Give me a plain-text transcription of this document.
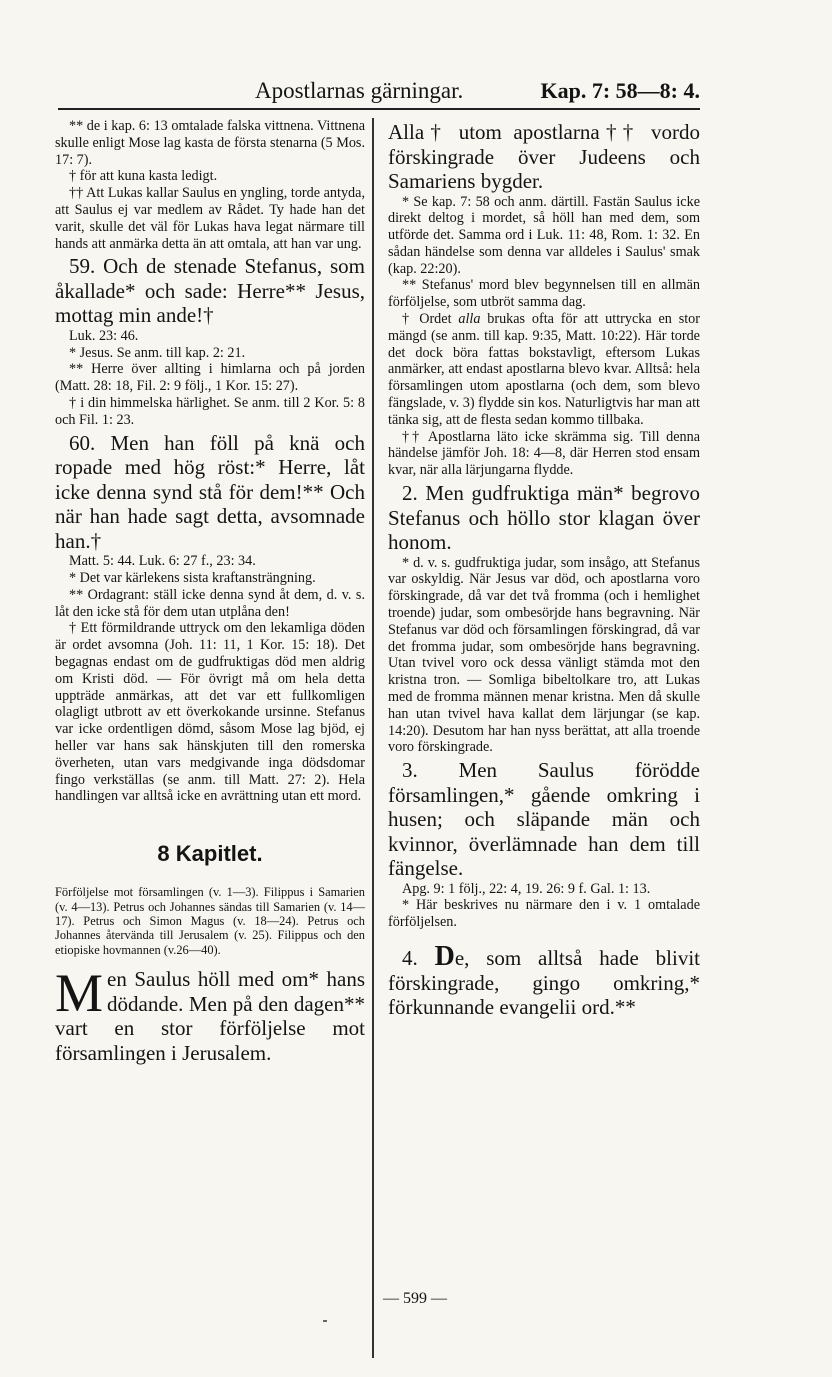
Apostlarnas gärningar.	Kap. 7: 58—8: 4.

** de i kap. 6: 13 omtalade falska vittnena. Vittnena skulle enligt Mose lag kasta de första stenarna (5 Mos. 17: 7).

† för att kuna kasta ledigt.

†† Att Lukas kallar Saulus en yngling, torde antyda, att Saulus ej var medlem av Rådet. Ty hade han det varit, skulle det väl för Lukas hava legat närmare till hands att anmärka detta än att omtala, att han var ung.

59. Och de stenade Stefanus, som åkallade* och sade: Herre** Jesus, mottag min ande!†

Luk. 23: 46.

* Jesus. Se anm. till kap. 2: 21.

** Herre över allting i himlarna och på jorden (Matt. 28: 18, Fil. 2: 9 följ., 1 Kor. 15: 27).

† i din himmelska härlighet. Se anm. till 2 Kor. 5: 8 och Fil. 1: 23.

60. Men han föll på knä och ropade med hög röst:* Herre, låt icke denna synd stå för dem!** Och när han hade sagt detta, avsomnade han.†

Matt. 5: 44. Luk. 6: 27 f., 23: 34.

* Det var kärlekens sista kraftansträngning.

** Ordagrant: ställ icke denna synd åt dem, d. v. s. låt den icke stå för dem utan utplåna den!

† Ett förmildrande uttryck om den lekamliga döden är ordet avsomna (Joh. 11: 11, 1 Kor. 15: 18). Det begagnas endast om de gudfruktigas död men aldrig om Kristi död. — För övrigt må om hela detta uppträde anmärkas, att det var ett fullkomligen olagligt utbrott av ett överkokande ursinne. Stefanus var icke ordentligen dömd, såsom Mose lag bjöd, ej heller var hans sak hänskjuten till den romerska överheten, utan vars medgivande inga dödsdomar fingo verkställas (se anm. till Matt. 27: 2). Hela handlingen var alltså icke en avrättning utan ett mord.

8 Kapitlet.

Förföljelse mot församlingen (v. 1—3). Filippus i Samarien (v. 4—13). Petrus och Johannes sändas till Samarien (v. 14—17). Petrus och Simon Magus (v. 18—24). Petrus och Johannes återvända till Jerusalem (v. 25). Filippus och den etiopiske hovmannen (v.26—40).

Men Saulus höll med om* hans dödande. Men på den dagen** vart en stor förföljelse mot församlingen i Jerusalem.

Alla† utom apostlarna†† vordo förskingrade över Judeens och Samariens bygder.

* Se kap. 7: 58 och anm. därtill. Fastän Saulus icke direkt deltog i mordet, så höll han med dem, som utförde det. Samma ord i Luk. 11: 48, Rom. 1: 32. En sådan händelse som denna var alldeles i Saulus' smak (kap. 22:20).

** Stefanus' mord blev begynnelsen till en allmän förföljelse, som utbröt samma dag.

† Ordet alla brukas ofta för att uttrycka en stor mängd (se anm. till kap. 9:35, Matt. 10:22). Här torde det dock böra fattas bokstavligt, eftersom Lukas anmärker, att endast apostlarna blevo kvar. Alltså: hela församlingen utom apostlarna (och dem, som blevo fängslade, v. 3) flydde sin kos. Naturligtvis har man att tänka sig, att de flesta sedan kommo tillbaka.

†† Apostlarna läto icke skrämma sig. Till denna händelse jämför Joh. 18: 4—8, där Herren stod ensam kvar, när alla lärjungarna flydde.

2. Men gudfruktiga män* begrovo Stefanus och höllo stor klagan över honom.

* d. v. s. gudfruktiga judar, som insågo, att Stefanus var oskyldig. När Jesus var död, och apostlarna voro förskingrade, då var det två fromma (och i hemlighet troende) judar, som ombesörjde hans begravning. När Stefanus var död och församlingen förskingrad, då var det fromma judar, som ombesörjde hans begravning. Utan tvivel voro ock dessa vänligt stämda mot den kristna tron. — Somliga bibeltolkare tro, att Lukas med de fromma männen menar kristna. Men då skulle han utan tvivel hava kallat dem lärjungar (se kap. 14:20). Desutom har han nyss berättat, att alla troende voro förskingrade.

3. Men Saulus förödde församlingen,* gående omkring i husen; och släpande män och kvinnor, överlämnade han dem till fängelse.

Apg. 9: 1 följ., 22: 4, 19. 26: 9 f. Gal. 1: 13.

* Här beskrives nu närmare den i v. 1 omtalade förföljelsen.

4. De, som alltså hade blivit förskingrade, gingo omkring,* förkunnande evangelii ord.**

— 599 —
